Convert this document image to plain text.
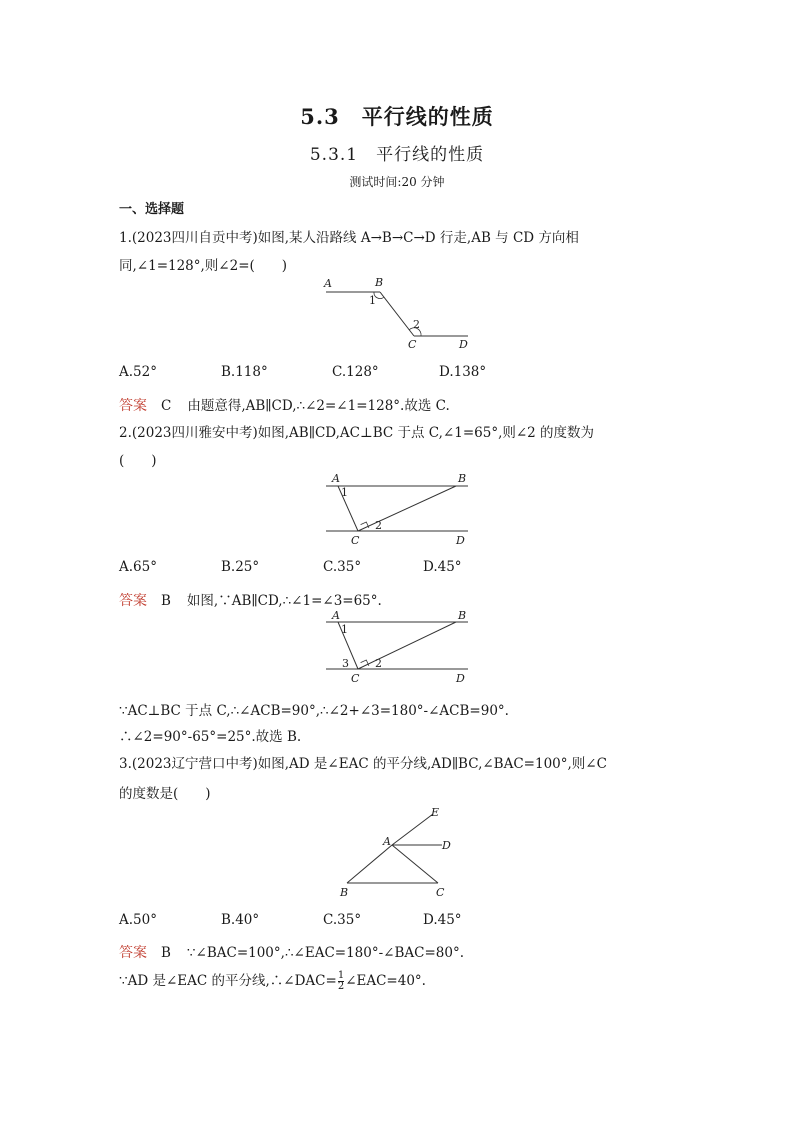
5.3　平行线的性质
5.3.1　平行线的性质
测试时间:20 分钟
一、选择题
1.(2023四川自贡中考)如图,某人沿路线 A→B→C→D 行走,AB 与 CD 方向相
同,∠1=128°,则∠2=(　　)
A	B
1
2
C	D
A.52°	B.118°	C.128°	D.138°
答案 C 由题意得,AB∥CD,∴∠2=∠1=128°.故选 C.
2.(2023四川雅安中考)如图,AB∥CD,AC⊥BC 于点 C,∠1=65°,则∠2 的度数为
(　　)
A	B
1
2
C	D
A.65°	B.25°	C.35°	D.45°
答案 B 如图,∵AB∥CD,∴∠1=∠3=65°.
A	B
1
3 2
C	D
∵AC⊥BC 于点 C,∴∠ACB=90°,∴∠2+∠3=180°-∠ACB=90°.
∴∠2=90°-65°=25°.故选 B.
3.(2023辽宁营口中考)如图,AD 是∠EAC 的平分线,AD∥BC,∠BAC=100°,则∠C
的度数是(　　)
E
D
A
B	C
A.50°	B.40°	C.35°	D.45°
答案 B ∵∠BAC=100°,∴∠EAC=180°-∠BAC=80°.
∵AD 是∠EAC 的平分线,∴∠DAC= $\frac{1}{2}$ ∠EAC=40°.
